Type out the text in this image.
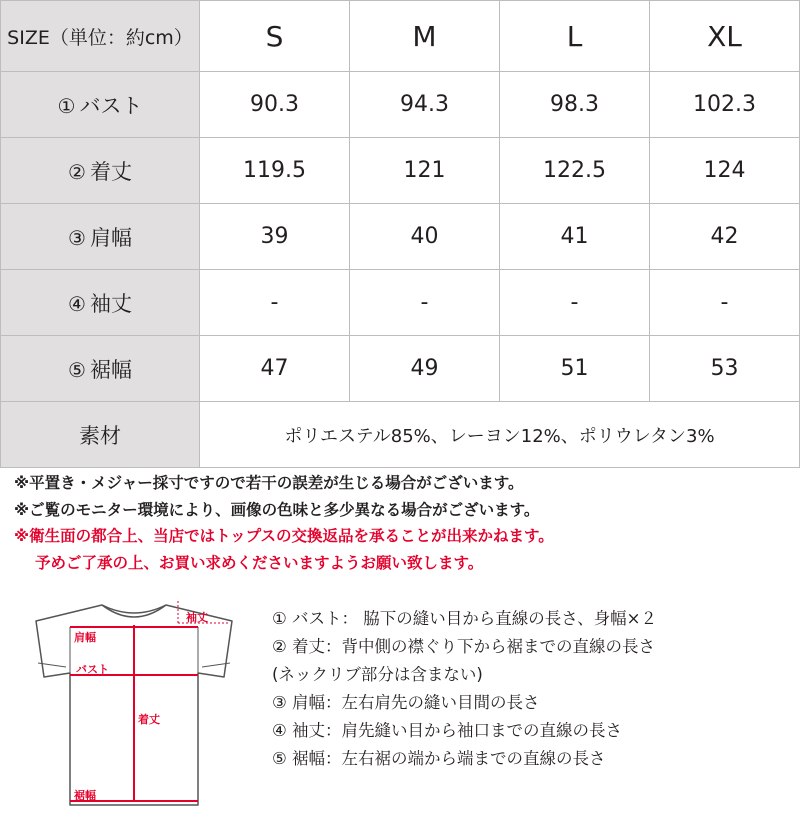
SIZE（単位：約cm）	S	M	L	XL
① バスト	90.3	94.3	98.3	102.3
② 着丈	119.5	121	122.5	124
③ 肩幅	39	40	41	42
④ 袖丈	-	-	-	-
⑤ 裾幅	47	49	51	53
素材	ポリエステル85%、レーヨン12%、ポリウレタン3%			
※平置き・メジャー採寸ですので若干の誤差が生じる場合がございます。
※ご覧のモニター環境により、画像の色味と多少異なる場合がございます。
※衛生面の都合上、当店ではトップスの交換返品を承ることが出来かねます。
予めご了承の上、お買い求めくださいますようお願い致します。
袖丈
肩幅
バスト
着丈
裾幅
① バスト： 脇下の縫い目から直線の長さ、身幅×２
② 着丈：背中側の襟ぐり下から裾までの直線の長さ
(ネックリブ部分は含まない)
③ 肩幅：左右肩先の縫い目間の長さ
④ 袖丈：肩先縫い目から袖口までの直線の長さ
⑤ 裾幅：左右裾の端から端までの直線の長さ
